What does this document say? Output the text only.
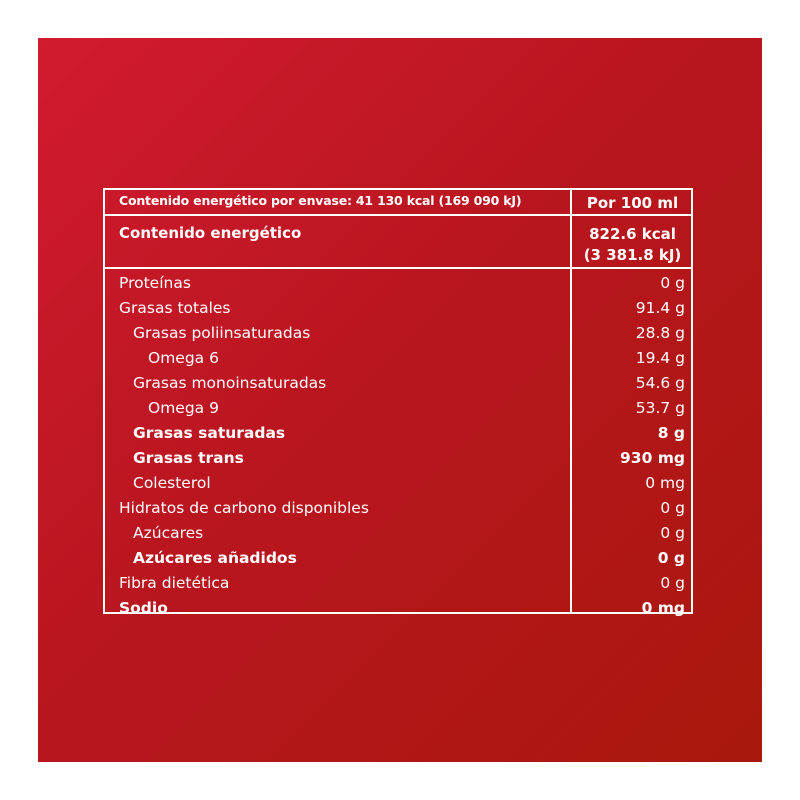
Contenido energético por envase: 41 130 kcal (169 090 kJ)	Por 100 ml
Contenido energético	822.6 kcal
(3 381.8 kJ)
Proteínas	0 g
Grasas totales	91.4 g
Grasas poliinsaturadas	28.8 g
Omega 6	19.4 g
Grasas monoinsaturadas	54.6 g
Omega 9	53.7 g
Grasas saturadas	8 g
Grasas trans	930 mg
Colesterol	0 mg
Hidratos de carbono disponibles	0 g
Azúcares	0 g
Azúcares añadidos	0 g
Fibra dietética	0 g
Sodio	0 mg
